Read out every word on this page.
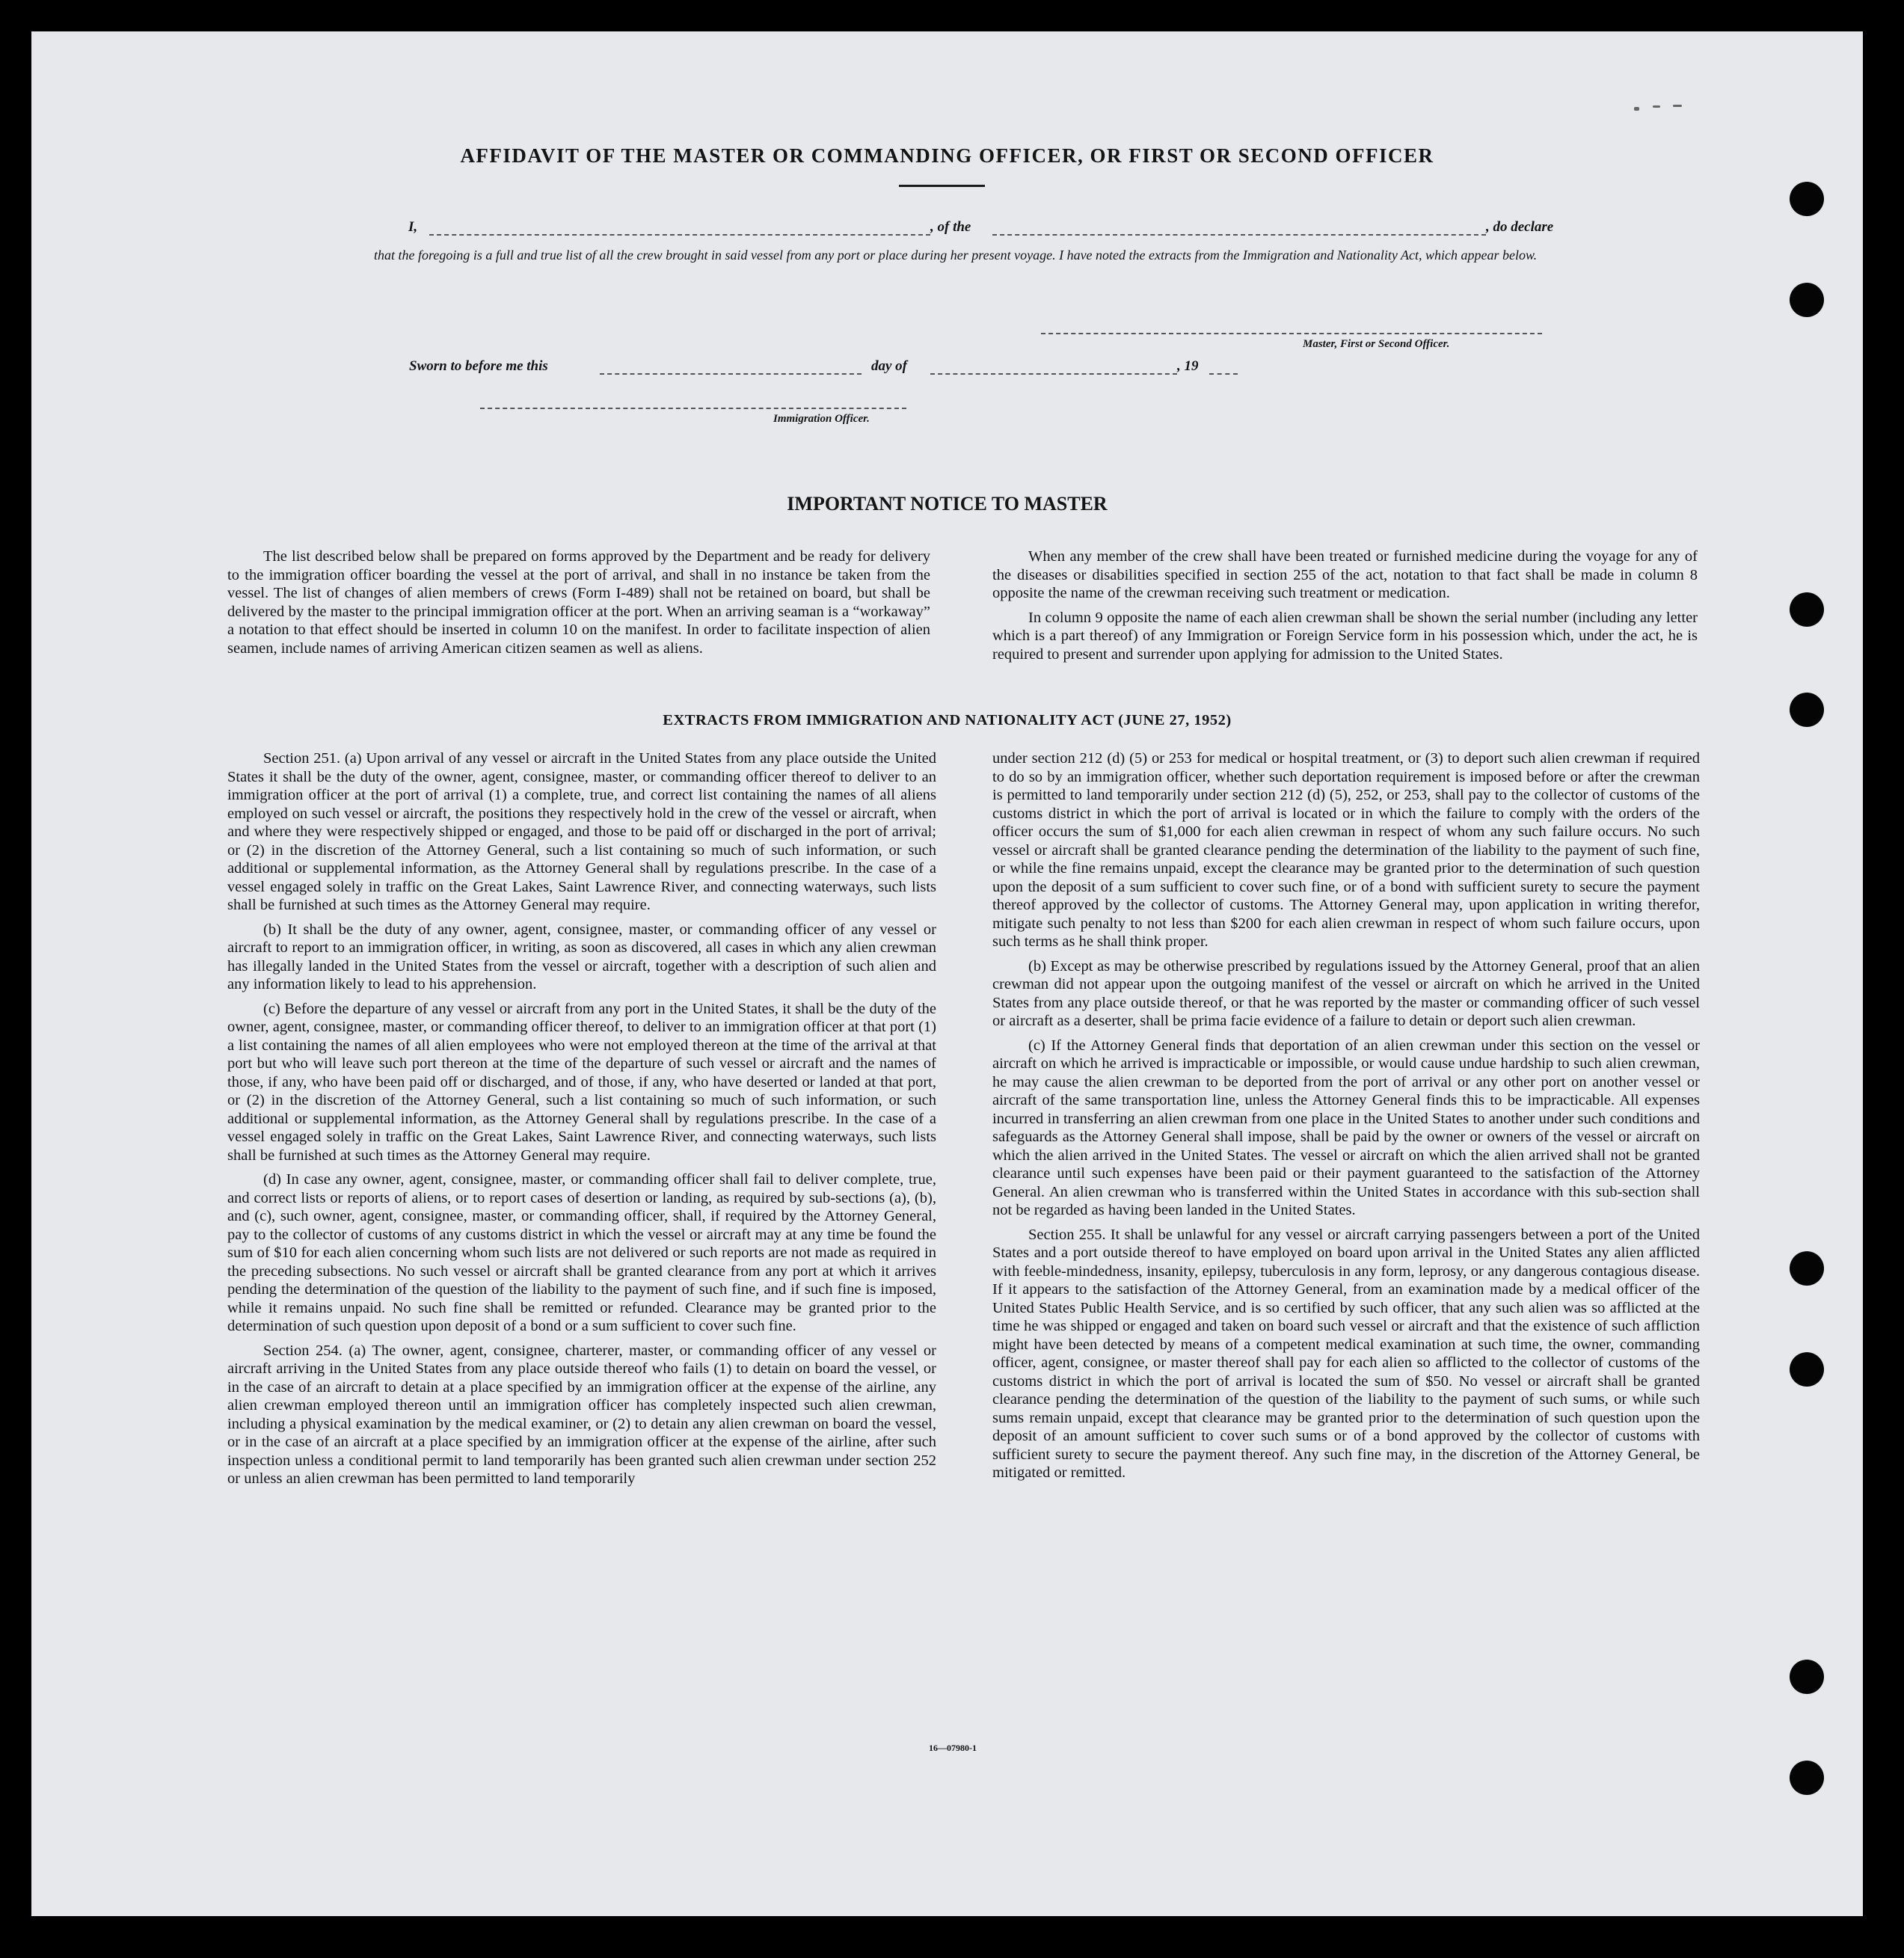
AFFIDAVIT OF THE MASTER OR COMMANDING OFFICER, OR FIRST OR SECOND OFFICER
I,	, of the	, do declare
that the foregoing is a full and true list of all the crew brought in said vessel from any port or place during her present voyage. I have noted the extracts from the Immigration and Nationality Act, which appear below.
Master, First or Second Officer.
Sworn to before me this	day of	, 19
Immigration Officer.
IMPORTANT NOTICE TO MASTER

The list described below shall be prepared on forms approved by the Department and be ready for delivery to the immigration officer boarding the vessel at the port of arrival, and shall in no instance be taken from the vessel. The list of changes of alien members of crews (Form I-489) shall not be retained on board, but shall be delivered by the master to the principal immigration officer at the port. When an arriving seaman is a “workaway” a notation to that effect should be inserted in column 10 on the manifest. In order to facilitate inspection of alien seamen, include names of arriving American citizen seamen as well as aliens.

When any member of the crew shall have been treated or furnished medicine during the voyage for any of the diseases or disabilities specified in section 255 of the act, notation to that fact shall be made in column 8 opposite the name of the crewman receiving such treatment or medication.

In column 9 opposite the name of each alien crewman shall be shown the serial number (including any letter which is a part thereof) of any Immigration or Foreign Service form in his possession which, under the act, he is required to present and surrender upon applying for admission to the United States.

EXTRACTS FROM IMMIGRATION AND NATIONALITY ACT (JUNE 27, 1952)

Section 251. (a) Upon arrival of any vessel or aircraft in the United States from any place outside the United States it shall be the duty of the owner, agent, consignee, master, or commanding officer thereof to deliver to an immigration officer at the port of arrival (1) a complete, true, and correct list containing the names of all aliens employed on such vessel or aircraft, the positions they respectively hold in the crew of the vessel or aircraft, when and where they were respectively shipped or engaged, and those to be paid off or discharged in the port of arrival; or (2) in the discretion of the Attorney General, such a list containing so much of such information, or such additional or supplemental information, as the Attorney General shall by regulations prescribe. In the case of a vessel engaged solely in traffic on the Great Lakes, Saint Lawrence River, and connecting waterways, such lists shall be furnished at such times as the Attorney General may require.

(b) It shall be the duty of any owner, agent, consignee, master, or commanding officer of any vessel or aircraft to report to an immigration officer, in writing, as soon as discovered, all cases in which any alien crewman has illegally landed in the United States from the vessel or aircraft, together with a description of such alien and any information likely to lead to his apprehension.

(c) Before the departure of any vessel or aircraft from any port in the United States, it shall be the duty of the owner, agent, consignee, master, or commanding officer thereof, to deliver to an immigration officer at that port (1) a list containing the names of all alien employees who were not employed thereon at the time of the arrival at that port but who will leave such port thereon at the time of the departure of such vessel or aircraft and the names of those, if any, who have been paid off or discharged, and of those, if any, who have deserted or landed at that port, or (2) in the discretion of the Attorney General, such a list containing so much of such information, or such additional or supplemental information, as the Attorney General shall by regulations prescribe. In the case of a vessel engaged solely in traffic on the Great Lakes, Saint Lawrence River, and connecting waterways, such lists shall be furnished at such times as the Attorney General may require.

(d) In case any owner, agent, consignee, master, or commanding officer shall fail to deliver complete, true, and correct lists or reports of aliens, or to report cases of desertion or landing, as required by sub-sections (a), (b), and (c), such owner, agent, consignee, master, or commanding officer, shall, if required by the Attorney General, pay to the collector of customs of any customs district in which the vessel or aircraft may at any time be found the sum of $10 for each alien concerning whom such lists are not delivered or such reports are not made as required in the preceding subsections. No such vessel or aircraft shall be granted clearance from any port at which it arrives pending the determination of the question of the liability to the payment of such fine, and if such fine is imposed, while it remains unpaid. No such fine shall be remitted or refunded. Clearance may be granted prior to the determination of such question upon deposit of a bond or a sum sufficient to cover such fine.

Section 254. (a) The owner, agent, consignee, charterer, master, or commanding officer of any vessel or aircraft arriving in the United States from any place outside thereof who fails (1) to detain on board the vessel, or in the case of an aircraft to detain at a place specified by an immigration officer at the expense of the airline, any alien crewman employed thereon until an immigration officer has completely inspected such alien crewman, including a physical examination by the medical examiner, or (2) to detain any alien crewman on board the vessel, or in the case of an aircraft at a place specified by an immigration officer at the expense of the airline, after such inspection unless a conditional permit to land temporarily has been granted such alien crewman under section 252 or unless an alien crewman has been permitted to land temporarily

under section 212 (d) (5) or 253 for medical or hospital treatment, or (3) to deport such alien crewman if required to do so by an immigration officer, whether such deportation requirement is imposed before or after the crewman is permitted to land temporarily under section 212 (d) (5), 252, or 253, shall pay to the collector of customs of the customs district in which the port of arrival is located or in which the failure to comply with the orders of the officer occurs the sum of $1,000 for each alien crewman in respect of whom any such failure occurs. No such vessel or aircraft shall be granted clearance pending the determination of the liability to the payment of such fine, or while the fine remains unpaid, except the clearance may be granted prior to the determination of such question upon the deposit of a sum sufficient to cover such fine, or of a bond with sufficient surety to secure the payment thereof approved by the collector of customs. The Attorney General may, upon application in writing therefor, mitigate such penalty to not less than $200 for each alien crewman in respect of whom such failure occurs, upon such terms as he shall think proper.

(b) Except as may be otherwise prescribed by regulations issued by the Attorney General, proof that an alien crewman did not appear upon the outgoing manifest of the vessel or aircraft on which he arrived in the United States from any place outside thereof, or that he was reported by the master or commanding officer of such vessel or aircraft as a deserter, shall be prima facie evidence of a failure to detain or deport such alien crewman.

(c) If the Attorney General finds that deportation of an alien crewman under this section on the vessel or aircraft on which he arrived is impracticable or impossible, or would cause undue hardship to such alien crewman, he may cause the alien crewman to be deported from the port of arrival or any other port on another vessel or aircraft of the same transportation line, unless the Attorney General finds this to be impracticable. All expenses incurred in transferring an alien crewman from one place in the United States to another under such conditions and safeguards as the Attorney General shall impose, shall be paid by the owner or owners of the vessel or aircraft on which the alien arrived in the United States. The vessel or aircraft on which the alien arrived shall not be granted clearance until such expenses have been paid or their payment guaranteed to the satisfaction of the Attorney General. An alien crewman who is transferred within the United States in accordance with this sub-section shall not be regarded as having been landed in the United States.

Section 255. It shall be unlawful for any vessel or aircraft carrying passengers between a port of the United States and a port outside thereof to have employed on board upon arrival in the United States any alien afflicted with feeble-mindedness, insanity, epilepsy, tuberculosis in any form, leprosy, or any dangerous contagious disease. If it appears to the satisfaction of the Attorney General, from an examination made by a medical officer of the United States Public Health Service, and is so certified by such officer, that any such alien was so afflicted at the time he was shipped or engaged and taken on board such vessel or aircraft and that the existence of such affliction might have been detected by means of a competent medical examination at such time, the owner, commanding officer, agent, consignee, or master thereof shall pay for each alien so afflicted to the collector of customs of the customs district in which the port of arrival is located the sum of $50. No vessel or aircraft shall be granted clearance pending the determination of the question of the liability to the payment of such sums, or while such sums remain unpaid, except that clearance may be granted prior to the determination of such question upon the deposit of an amount sufficient to cover such sums or of a bond approved by the collector of customs with sufficient surety to secure the payment thereof. Any such fine may, in the discretion of the Attorney General, be mitigated or remitted.

16—07980-1
